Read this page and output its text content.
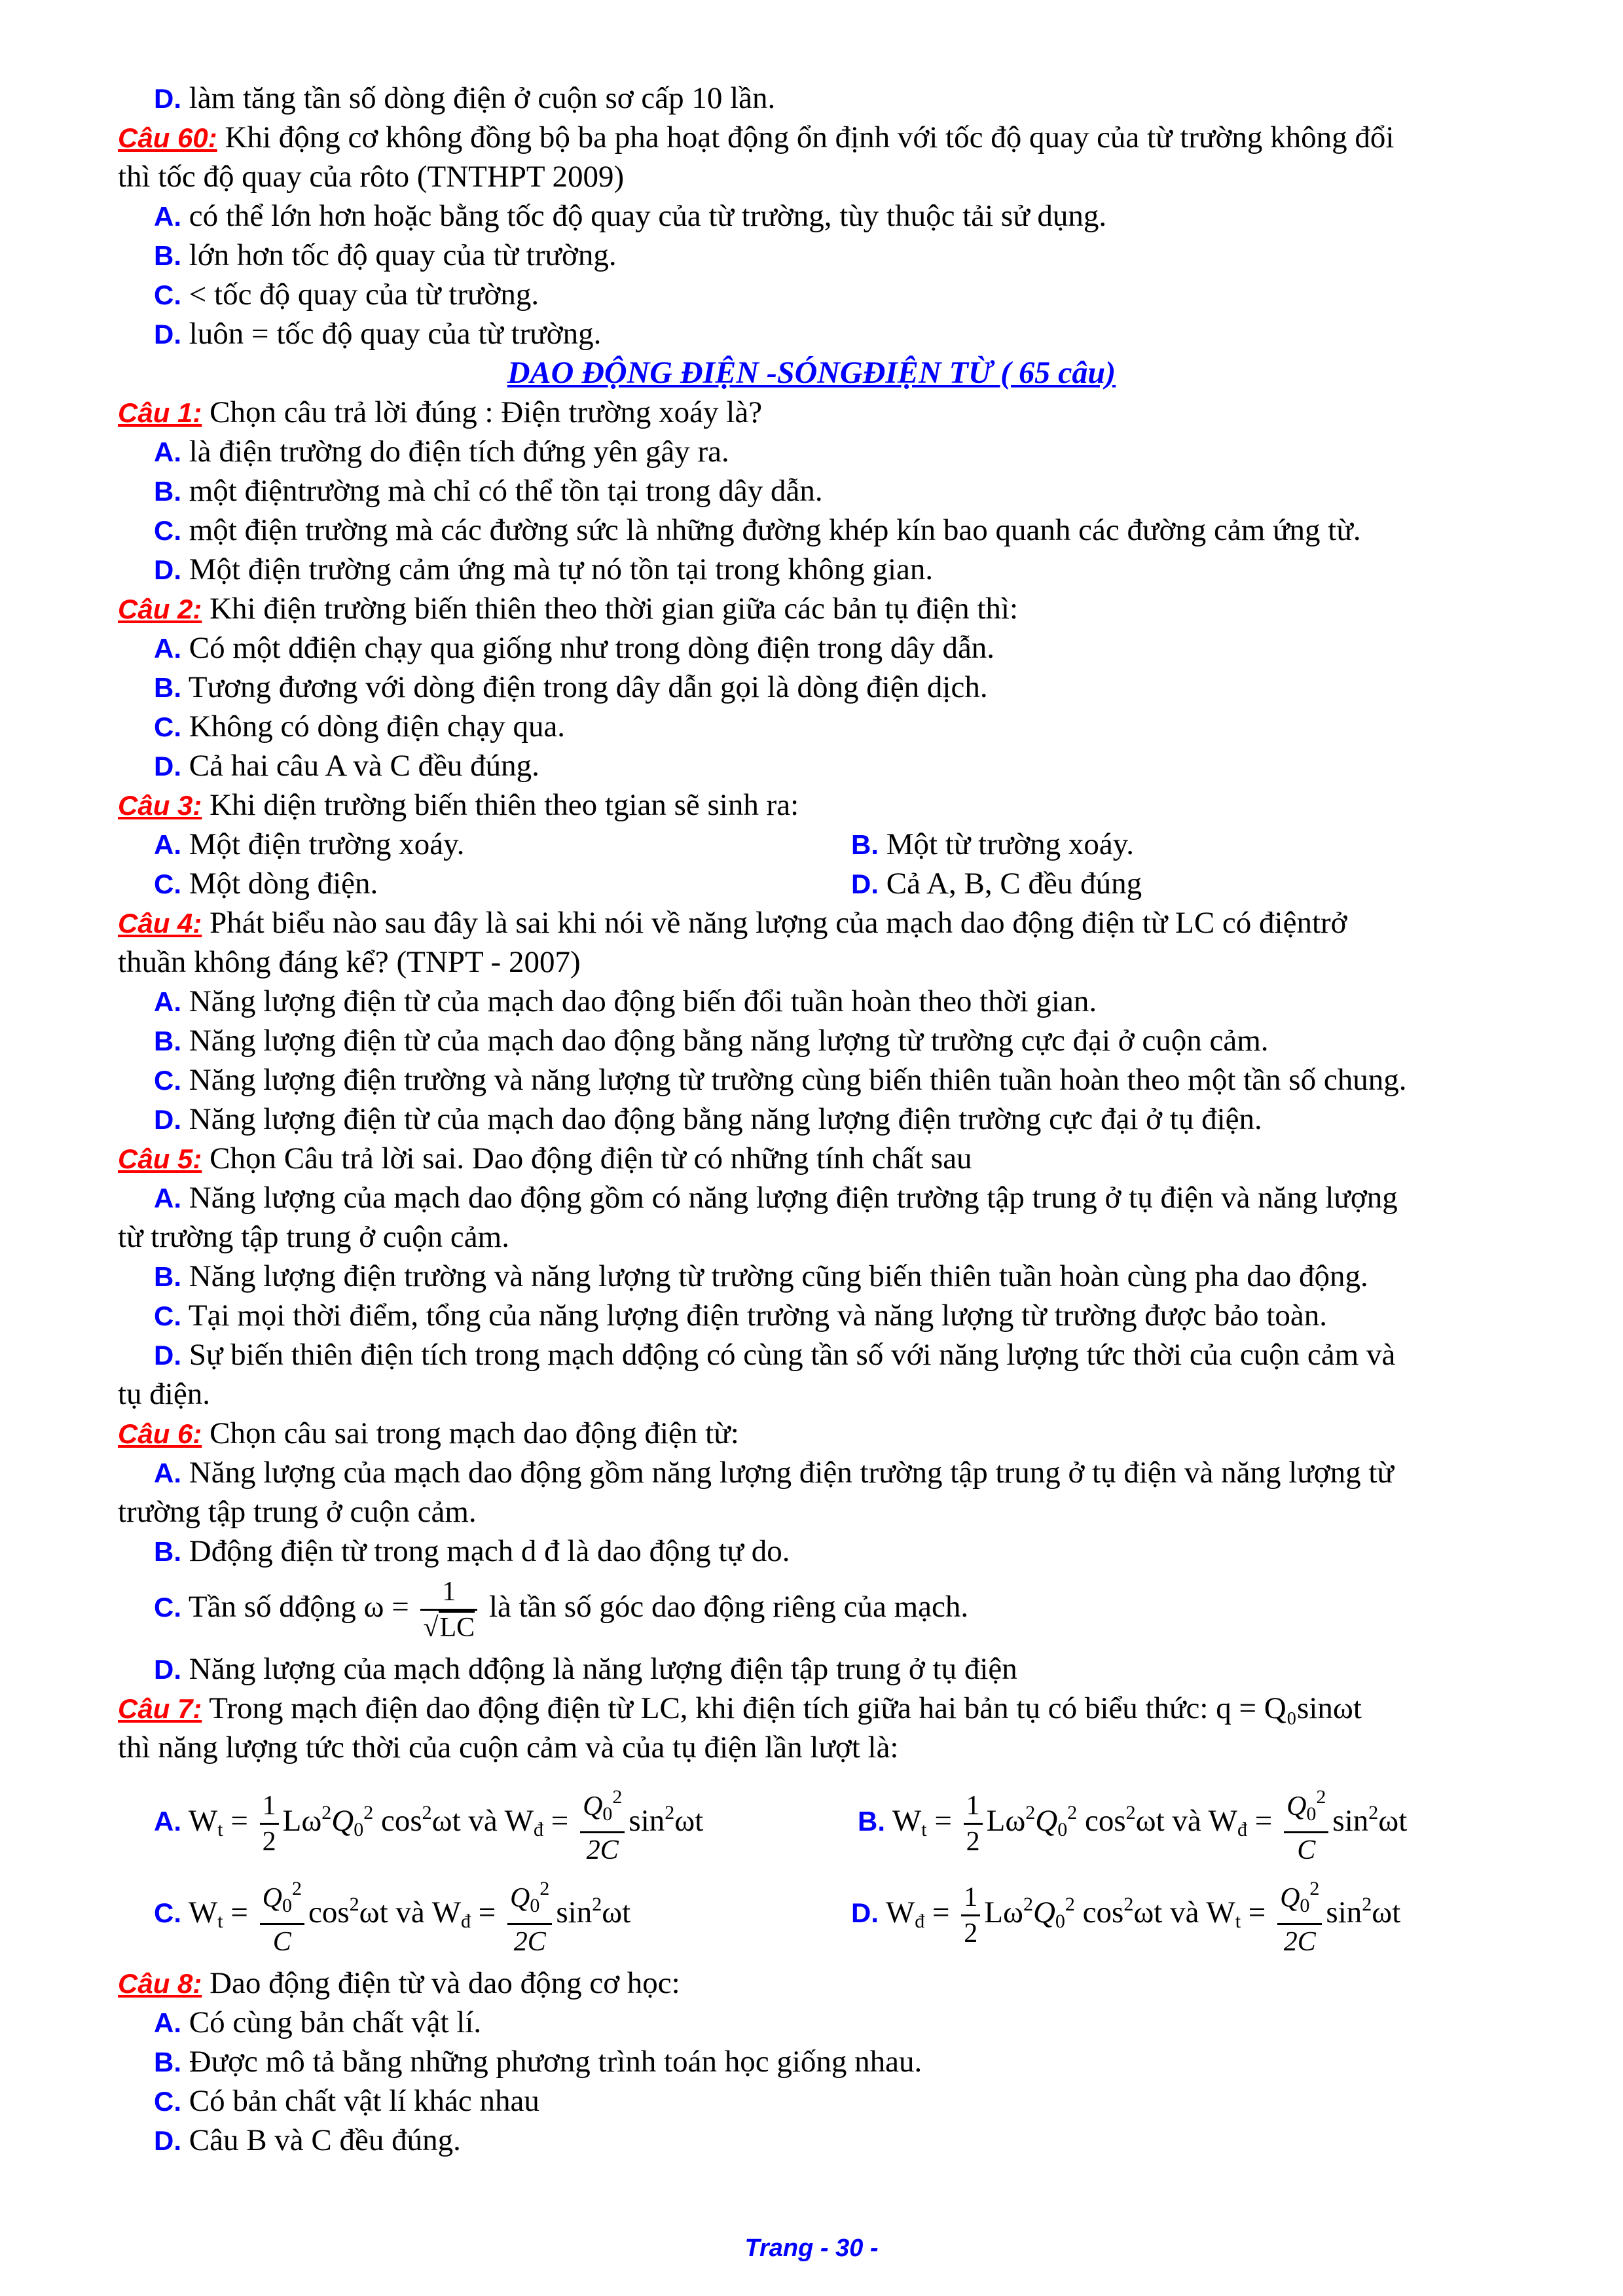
D. làm tăng tần số dòng điện ở cuộn sơ cấp 10 lần.
Câu 60: Khi động cơ không đồng bộ ba pha hoạt động ổn định với tốc độ quay của từ trường không đổi
thì tốc độ quay của rôto (TNTHPT 2009)
A. có thể lớn hơn hoặc bằng tốc độ quay của từ trường, tùy thuộc tải sử dụng.
B. lớn hơn tốc độ quay của từ trường.
C. < tốc độ quay của từ trường.
D. luôn = tốc độ quay của từ trường.
DAO ĐỘNG ĐIỆN -SÓNGĐIỆN TỪ ( 65 câu)
Câu 1: Chọn câu trả lời đúng : Điện trường xoáy là?
A. là điện trường do điện tích đứng yên gây ra.
B. một điệntrường mà chỉ có thể tồn tại trong dây dẫn.
C. một điện trường mà các đường sức là những đường khép kín bao quanh các đường cảm ứng từ.
D. Một điện trường cảm ứng mà tự nó tồn tại trong không gian.
Câu 2: Khi điện trường biến thiên theo thời gian giữa các bản tụ điện thì:
A. Có một dđiện chạy qua giống như trong dòng điện trong dây dẫn.
B. Tương đương với dòng điện trong dây dẫn gọi là dòng điện dịch.
C. Không có dòng điện chạy qua.
D. Cả hai câu A và C đều đúng.
Câu 3: Khi diện trường biến thiên theo tgian sẽ sinh ra:
A. Một điện trường xoáy.	B. Một từ trường xoáy.
C. Một dòng điện.	D. Cả A, B, C đều đúng
Câu 4: Phát biểu nào sau đây là sai khi nói về năng lượng của mạch dao động điện từ LC có điệntrở
thuần không đáng kể? (TNPT - 2007)
A. Năng lượng điện từ của mạch dao động biến đổi tuần hoàn theo thời gian.
B. Năng lượng điện từ của mạch dao động bằng năng lượng từ trường cực đại ở cuộn cảm.
C. Năng lượng điện trường và năng lượng từ trường cùng biến thiên tuần hoàn theo một tần số chung.
D. Năng lượng điện từ của mạch dao động bằng năng lượng điện trường cực đại ở tụ điện.
Câu 5: Chọn Câu trả lời sai. Dao động điện từ có những tính chất sau
A. Năng lượng của mạch dao động gồm có năng lượng điện trường tập trung ở tụ điện và năng lượng
từ trường tập trung ở cuộn cảm.
B. Năng lượng điện trường và năng lượng từ trường cũng biến thiên tuần hoàn cùng pha dao động.
C. Tại mọi thời điểm, tổng của năng lượng điện trường và năng lượng từ trường được bảo toàn.
D. Sự biến thiên điện tích trong mạch dđộng có cùng tần số với năng lượng tức thời của cuộn cảm và
tụ điện.
Câu 6: Chọn câu sai trong mạch dao động điện từ:
A. Năng lượng của mạch dao động gồm năng lượng điện trường tập trung ở tụ điện và năng lượng từ
trường tập trung ở cuộn cảm.
B. Dđộng điện từ trong mạch d đ là dao động tự do.
C. Tần số dđộng $\omega = \frac{1}{√LC}$ là tần số góc dao động riêng của mạch.
D. Năng lượng của mạch dđộng là năng lượng điện tập trung ở tụ điện
Câu 7: Trong mạch điện dao động điện từ LC, khi điện tích giữa hai bản tụ có biểu thức: q = Q₀sinωt
thì năng lượng tức thời của cuộn cảm và của tụ điện lần lượt là:
A. $W_t = \frac{1}{2} L\omega^2Q_0^2$ $\cos^2\omega t$ và $W_đ = \frac{Q_0^2}{2C} \sin^2\omega t$	B. $W_t = \frac{1}{2} L\omega^2Q_0^2$ $\cos^2\omega t$ và $W_đ = \frac{Q_0^2}{C} \sin^2\omega t$
C. $W_t = \frac{Q_0^2}{C} \cos^2\omega t$ và $W_đ = \frac{Q_0^2}{2C} \sin^2\omega t$	D. $W_đ = \frac{1}{2} L\omega^2Q_0^2$ $\cos^2\omega t$ và $W_t = \frac{Q_0^2}{2C} \sin^2\omega t$
Câu 8: Dao động điện từ và dao động cơ học:
A. Có cùng bản chất vật lí.
B. Được mô tả bằng những phương trình toán học giống nhau.
C. Có bản chất vật lí khác nhau
D. Câu B và C đều đúng.
Trang - 30 -
